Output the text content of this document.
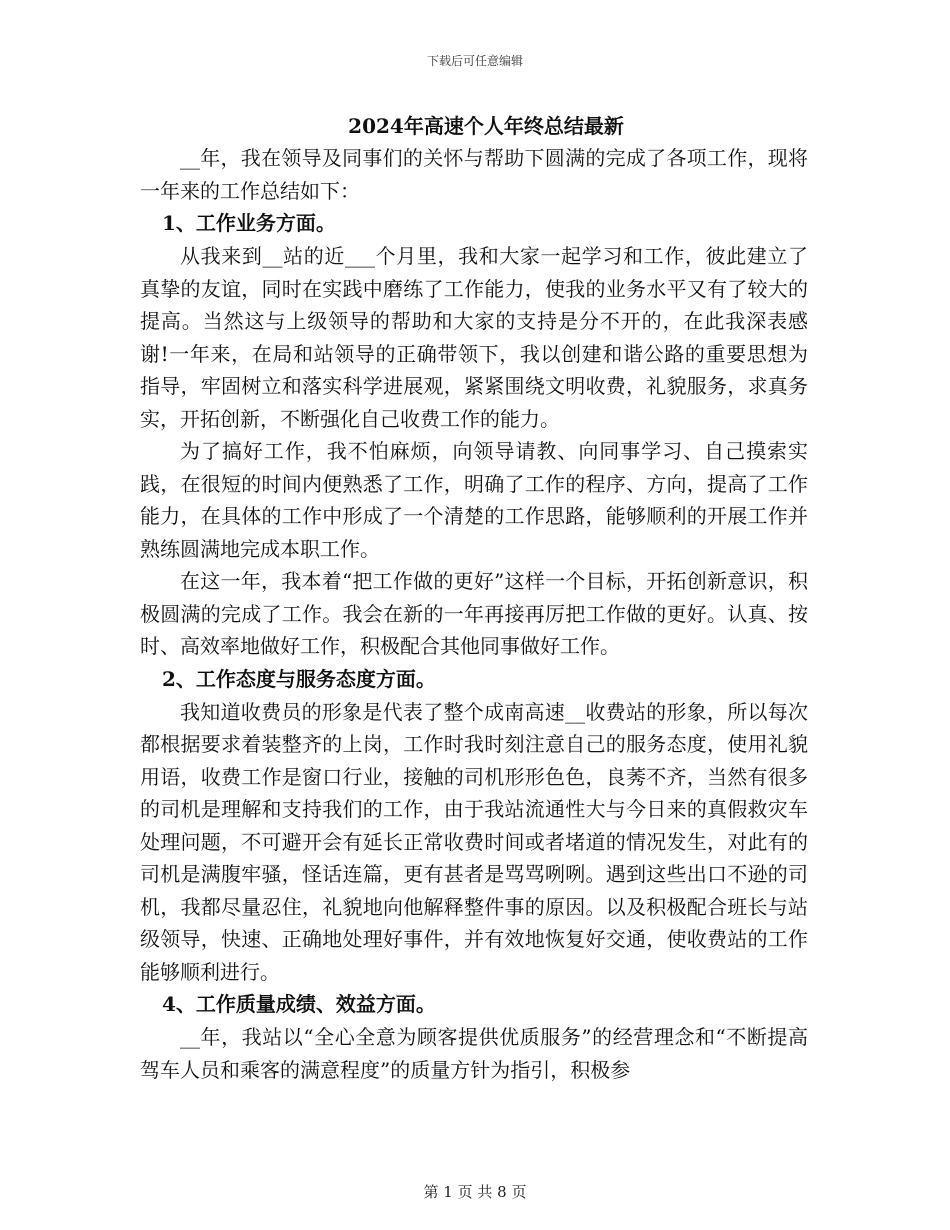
下载后可任意编辑

2024年高速个人年终总结最新

__年，我在领导及同事们的关怀与帮助下圆满的完成了各项工作，现将一年来的工作总结如下：

1、工作业务方面。

从我来到__站的近___个月里，我和大家一起学习和工作，彼此建立了真挚的友谊，同时在实践中磨练了工作能力，使我的业务水平又有了较大的提高。当然这与上级领导的帮助和大家的支持是分不开的，在此我深表感谢!一年来，在局和站领导的正确带领下，我以创建和谐公路的重要思想为指导，牢固树立和落实科学进展观，紧紧围绕文明收费，礼貌服务，求真务实，开拓创新，不断强化自己收费工作的能力。

为了搞好工作，我不怕麻烦，向领导请教、向同事学习、自己摸索实践，在很短的时间内便熟悉了工作，明确了工作的程序、方向，提高了工作能力，在具体的工作中形成了一个清楚的工作思路，能够顺利的开展工作并熟练圆满地完成本职工作。

在这一年，我本着“把工作做的更好”这样一个目标，开拓创新意识，积极圆满的完成了工作。我会在新的一年再接再厉把工作做的更好。认真、按时、高效率地做好工作，积极配合其他同事做好工作。

2、工作态度与服务态度方面。

我知道收费员的形象是代表了整个成南高速__收费站的形象，所以每次都根据要求着装整齐的上岗，工作时我时刻注意自己的服务态度，使用礼貌用语，收费工作是窗口行业，接触的司机形形色色，良莠不齐，当然有很多的司机是理解和支持我们的工作，由于我站流通性大与今日来的真假救灾车处理问题，不可避开会有延长正常收费时间或者堵道的情况发生，对此有的司机是满腹牢骚，怪话连篇，更有甚者是骂骂咧咧。遇到这些出口不逊的司机，我都尽量忍住，礼貌地向他解释整件事的原因。以及积极配合班长与站级领导，快速、正确地处理好事件，并有效地恢复好交通，使收费站的工作能够顺利进行。

4、工作质量成绩、效益方面。

__年，我站以“全心全意为顾客提供优质服务”的经营理念和“不断提高驾车人员和乘客的满意程度”的质量方针为指引，积极参

第 1 页 共 8 页
